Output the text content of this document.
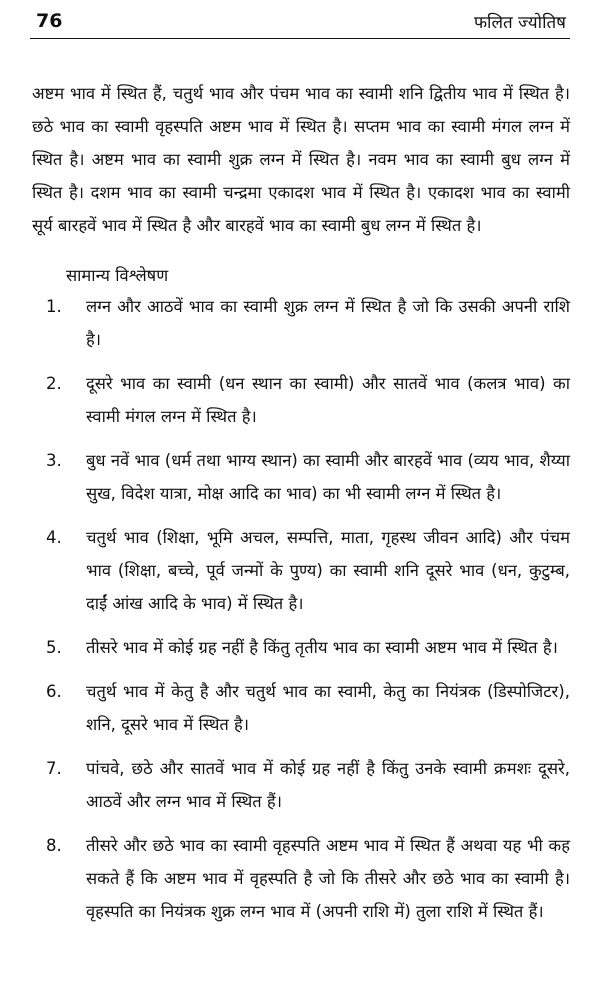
76	फलित ज्योतिष

अष्टम भाव में स्थित हैं, चतुर्थ भाव और पंचम भाव का स्वामी शनि द्वितीय भाव में स्थित है। छठे भाव का स्वामी वृहस्पति अष्टम भाव में स्थित है। सप्तम भाव का स्वामी मंगल लग्न में स्थित है। अष्टम भाव का स्वामी शुक्र लग्न में स्थित है। नवम भाव का स्वामी बुध लग्न में स्थित है। दशम भाव का स्वामी चन्द्रमा एकादश भाव में स्थित है। एकादश भाव का स्वामी सूर्य बारहवें भाव में स्थित है और बारहवें भाव का स्वामी बुध लग्न में स्थित है।

सामान्य विश्लेषण
1. लग्न और आठवें भाव का स्वामी शुक्र लग्न में स्थित है जो कि उसकी अपनी राशि है।
2. दूसरे भाव का स्वामी (धन स्थान का स्वामी) और सातवें भाव (कलत्र भाव) का स्वामी मंगल लग्न में स्थित है।
3. बुध नवें भाव (धर्म तथा भाग्य स्थान) का स्वामी और बारहवें भाव (व्यय भाव, शैय्या सुख, विदेश यात्रा, मोक्ष आदि का भाव) का भी स्वामी लग्न में स्थित है।
4. चतुर्थ भाव (शिक्षा, भूमि अचल, सम्पत्ति, माता, गृहस्थ जीवन आदि) और पंचम भाव (शिक्षा, बच्चे, पूर्व जन्मों के पुण्य) का स्वामी शनि दूसरे भाव (धन, कुटुम्ब, दाईं आंख आदि के भाव) में स्थित है।
5. तीसरे भाव में कोई ग्रह नहीं है किंतु तृतीय भाव का स्वामी अष्टम भाव में स्थित है।
6. चतुर्थ भाव में केतु है और चतुर्थ भाव का स्वामी, केतु का नियंत्रक (डिस्पोजिटर), शनि, दूसरे भाव में स्थित है।
7. पांचवे, छठे और सातवें भाव में कोई ग्रह नहीं है किंतु उनके स्वामी क्रमशः दूसरे, आठवें और लग्न भाव में स्थित हैं।
8. तीसरे और छठे भाव का स्वामी वृहस्पति अष्टम भाव में स्थित हैं अथवा यह भी कह सकते हैं कि अष्टम भाव में वृहस्पति है जो कि तीसरे और छठे भाव का स्वामी है। वृहस्पति का नियंत्रक शुक्र लग्न भाव में (अपनी राशि में) तुला राशि में स्थित हैं।
